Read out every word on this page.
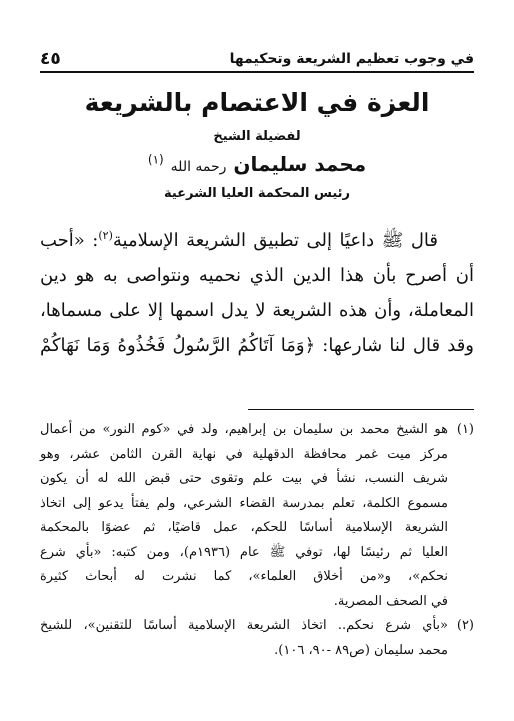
في وجوب تعظيم الشريعة وتحكيمها
٤٥
العزة في الاعتصام بالشريعة
لفضيلة الشيخ
محمد سليمان رحمه الله $^{(١)}$
رئيس المحكمة العليا الشرعية
قال ﷺ داعيًا إلى تطبيق الشريعة الإسلامية$^{(٢)}$: «أحب
أن أصرح بأن هذا الدين الذي نحميه ونتواصى به هو دين
المعاملة، وأن هذه الشريعة لا يدل اسمها إلا على مسماها،
وقد قال لنا شارعها: ﴿وَمَا آتَاكُمُ الرَّسُولُ فَخُذُوهُ وَمَا نَهَاكُمْ
(١)هو الشيخ محمد بن سليمان بن إبراهيم، ولد في «كوم النور» من أعمال
مركز ميت غمر محافظة الدقهلية في نهاية القرن الثامن عشر، وهو
شريف النسب، نشأ في بيت علم وتقوى حتى قبض الله له أن يكون
مسموع الكلمة، تعلم بمدرسة القضاء الشرعي، ولم يفتأ يدعو إلى اتخاذ
الشريعة الإسلامية أساسًا للحكم، عمل قاضيًا، ثم عضوًا بالمحكمة
العليا ثم رئيسًا لها، توفي ﷺ عام (١٩٣٦م)، ومن كتبه: «بأي شرع
نحكم»، و«من أخلاق العلماء»، كما نشرت له أبحاث كثيرة
في الصحف المصرية.
(٢)«بأي شرع نحكم.. اتخاذ الشريعة الإسلامية أساسًا للتقنين»، للشيخ
محمد سليمان (ص٨٩ -٩٠، ١٠٦).
